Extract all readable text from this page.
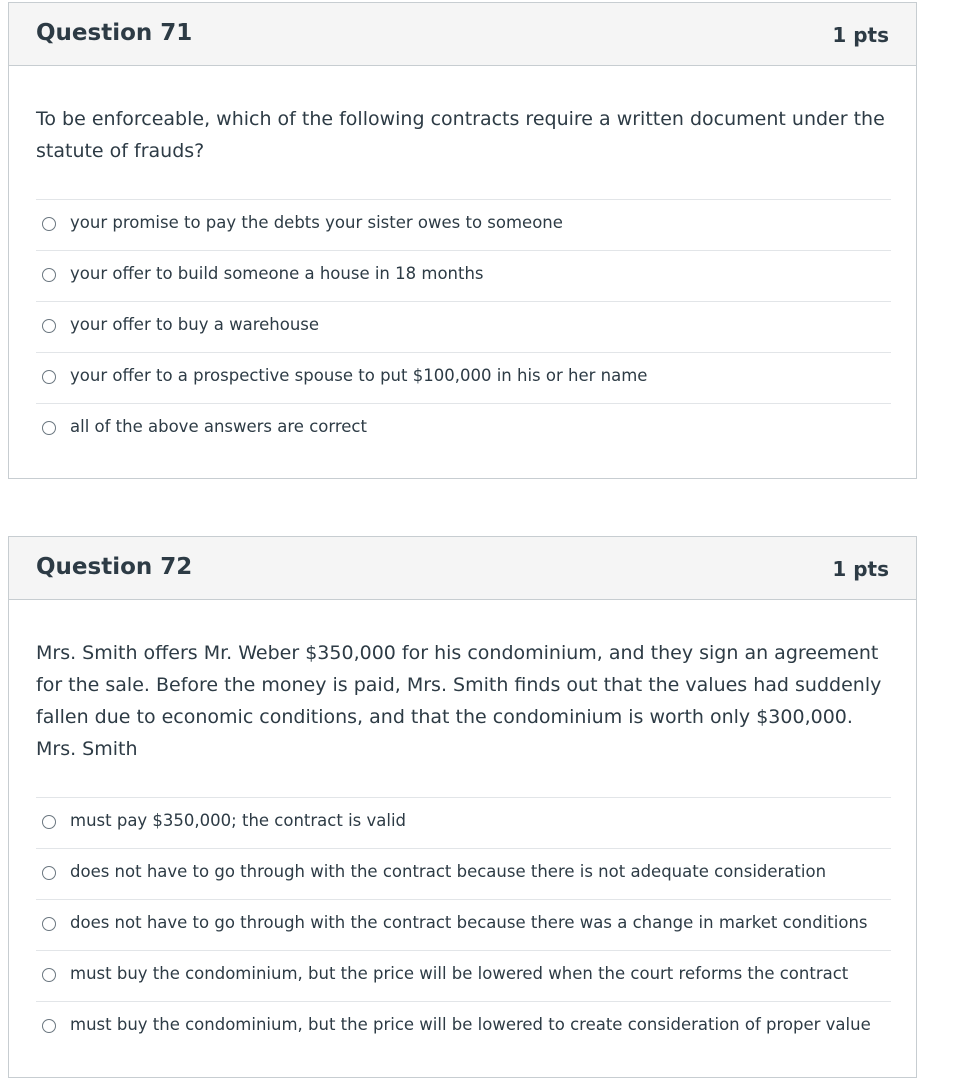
Question 71	1 pts
To be enforceable, which of the following contracts require a written document under the statute of frauds?
your promise to pay the debts your sister owes to someone
your offer to build someone a house in 18 months
your offer to buy a warehouse
your offer to a prospective spouse to put $100,000 in his or her name
all of the above answers are correct
Question 72	1 pts
Mrs. Smith offers Mr. Weber $350,000 for his condominium, and they sign an agreement for the sale. Before the money is paid, Mrs. Smith finds out that the values had suddenly fallen due to economic conditions, and that the condominium is worth only $300,000. Mrs. Smith
must pay $350,000; the contract is valid
does not have to go through with the contract because there is not adequate consideration
does not have to go through with the contract because there was a change in market conditions
must buy the condominium, but the price will be lowered when the court reforms the contract
must buy the condominium, but the price will be lowered to create consideration of proper value
